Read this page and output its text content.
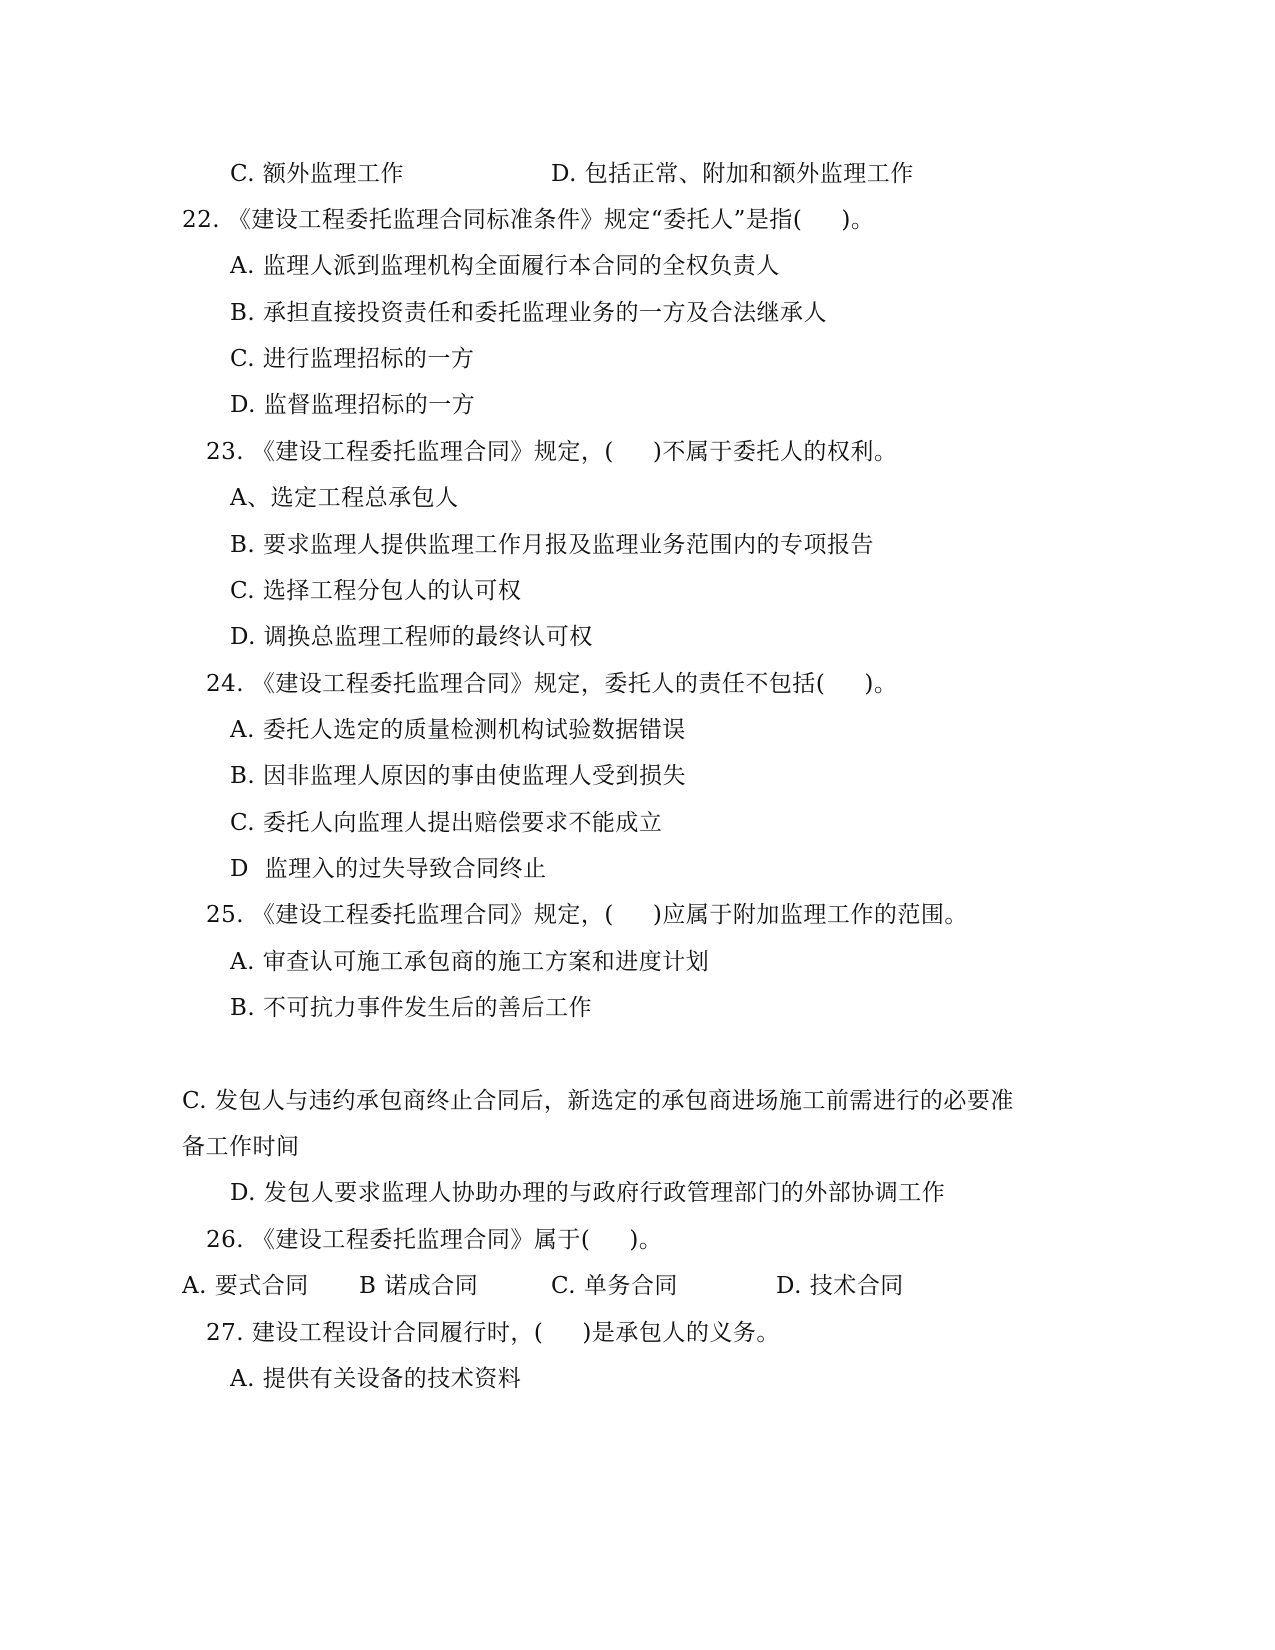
C. 额外监理工作	D. 包括正常、附加和额外监理工作
22. 《建设工程委托监理合同标准条件》规定“委托人”是指(     )。
A. 监理人派到监理机构全面履行本合同的全权负责人
B. 承担直接投资责任和委托监理业务的一方及合法继承人
C. 进行监理招标的一方
D. 监督监理招标的一方
23. 《建设工程委托监理合同》规定，(     )不属于委托人的权利。
A、选定工程总承包人
B. 要求监理人提供监理工作月报及监理业务范围内的专项报告
C. 选择工程分包人的认可权
D. 调换总监理工程师的最终认可权
24. 《建设工程委托监理合同》规定，委托人的责任不包括(     )。
A. 委托人选定的质量检测机构试验数据错误
B. 因非监理人原因的事由使监理人受到损失
C. 委托人向监理人提出赔偿要求不能成立
D  监理入的过失导致合同终止
25. 《建设工程委托监理合同》规定，(     )应属于附加监理工作的范围。
A. 审查认可施工承包商的施工方案和进度计划
B. 不可抗力事件发生后的善后工作
C. 发包人与违约承包商终止合同后，新选定的承包商进场施工前需进行的必要准
备工作时间
D. 发包人要求监理人协助办理的与政府行政管理部门的外部协调工作
26. 《建设工程委托监理合同》属于(     )。
A. 要式合同 B 诺成合同	C. 单务合同	D. 技术合同
27. 建设工程设计合同履行时，(     )是承包人的义务。
A. 提供有关设备的技术资料
